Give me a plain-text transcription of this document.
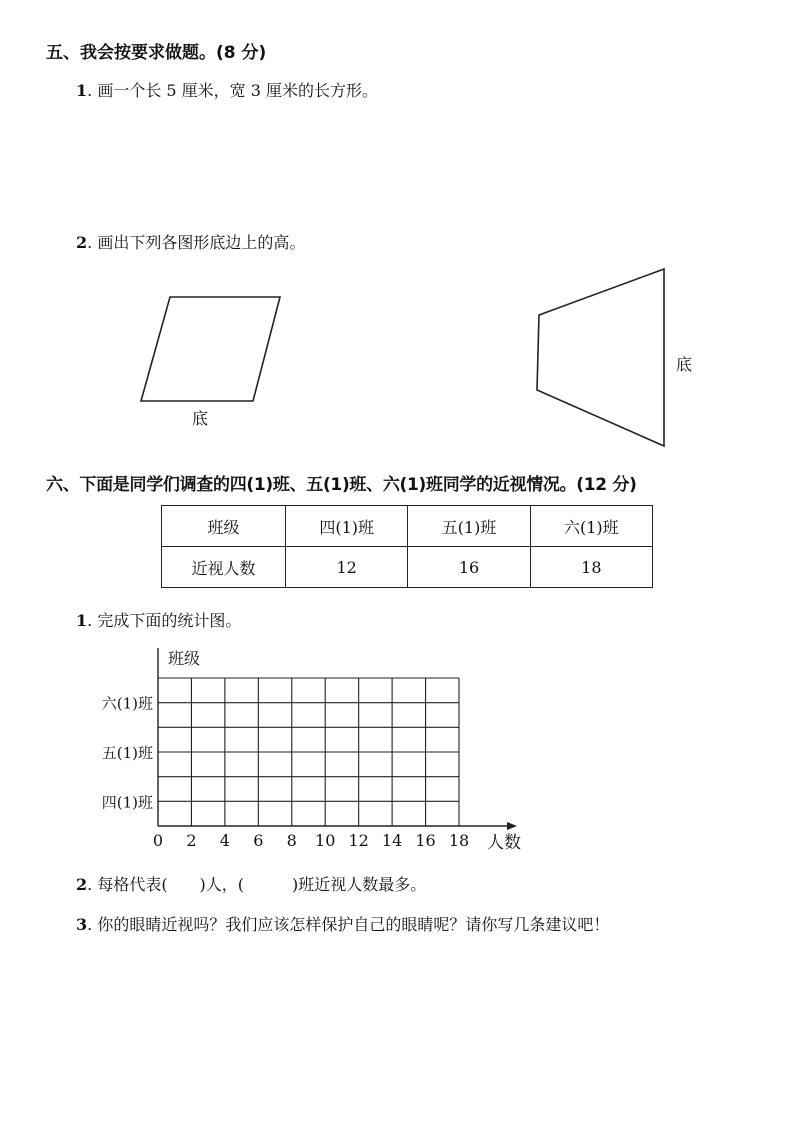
五、我会按要求做题。(8 分)
1. 画一个长 5 厘米，宽 3 厘米的长方形。
2. 画出下列各图形底边上的高。
底
底
六、下面是同学们调查的四(1)班、五(1)班、六(1)班同学的近视情况。(12 分)
班级	四(1)班	五(1)班	六(1)班
近视人数	12	16	18
1. 完成下面的统计图。
班级
人数
0 2 4 6 8 10 12 14 16 18
六(1)班
五(1)班
四(1)班
2. 每格代表(　　)人，(　　　)班近视人数最多。
3. 你的眼睛近视吗？我们应该怎样保护自己的眼睛呢？请你写几条建议吧！
